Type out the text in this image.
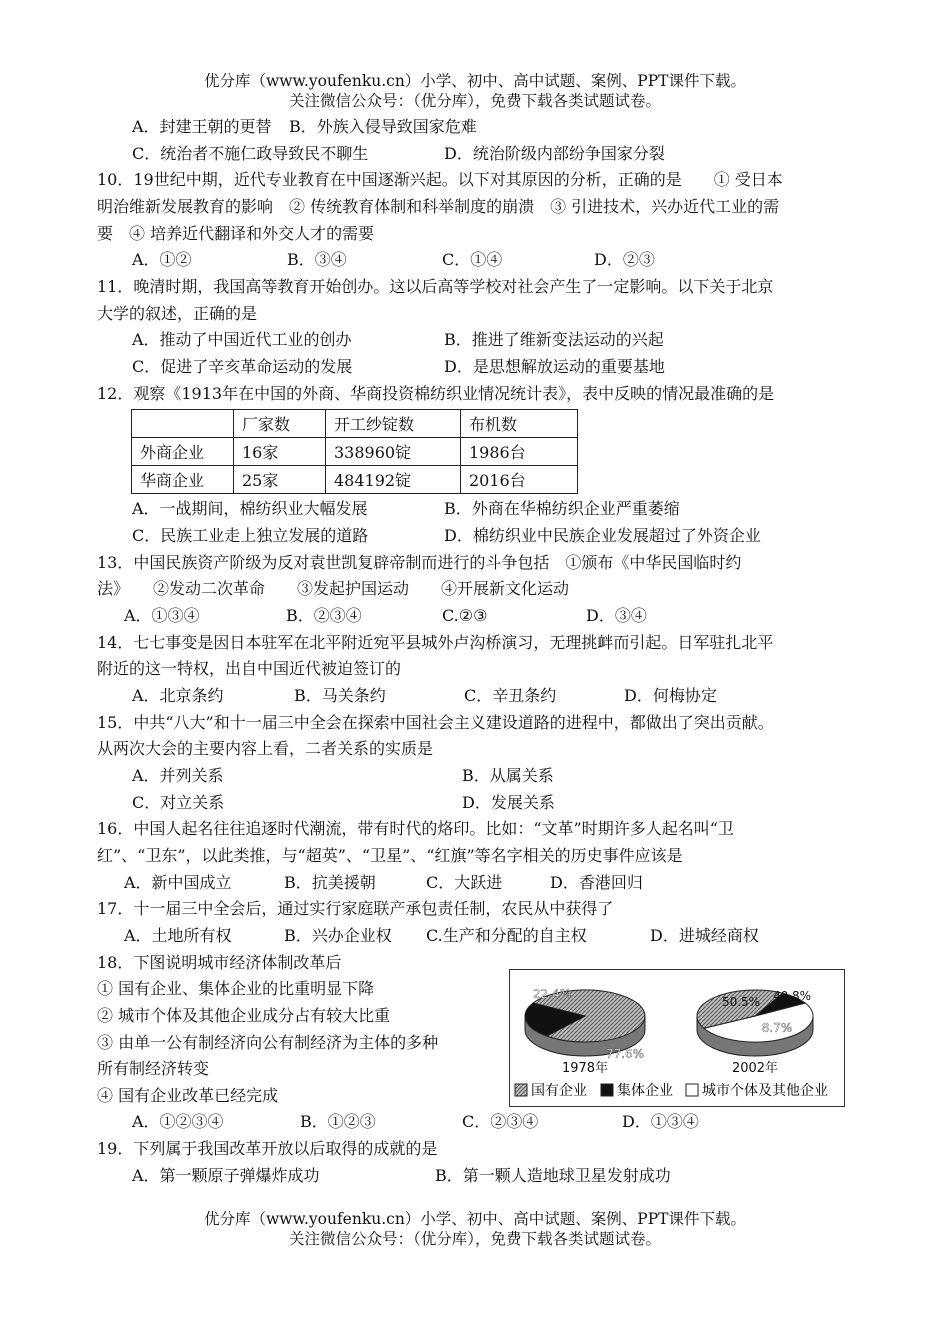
优分库（www.youfenku.cn）小学、初中、高中试题、案例、PPT课件下载。
关注微信公众号：（优分库），免费下载各类试题试卷。
A．封建王朝的更替 B．外族入侵导致国家危难
C．统治者不施仁政导致民不聊生	D．统治阶级内部纷争国家分裂
10．19世纪中期，近代专业教育在中国逐渐兴起。以下对其原因的分析，正确的是　　① 受日本
明治维新发展教育的影响　② 传统教育体制和科举制度的崩溃　③ 引进技术，兴办近代工业的需
要　④ 培养近代翻译和外交人才的需要
A．①②	B．③④	C．①④	D．②③
11．晚清时期，我国高等教育开始创办。这以后高等学校对社会产生了一定影响。以下关于北京
大学的叙述，正确的是
A．推动了中国近代工业的创办	B．推进了维新变法运动的兴起
C．促进了辛亥革命运动的发展	D．是思想解放运动的重要基地
12．观察《1913年在中国的外商、华商投资棉纺织业情况统计表》，表中反映的情况最准确的是
	厂家数	开工纱锭数	布机数
外商企业	16家	338960锭	1986台
华商企业	25家	484192锭	2016台
A．一战期间，棉纺织业大幅发展	B．外商在华棉纺织企业严重萎缩
C．民族工业走上独立发展的道路	D．棉纺织业中民族企业发展超过了外资企业
13．中国民族资产阶级为反对袁世凯复辟帝制而进行的斗争包括　①颁布《中华民国临时约
法》　　②发动二次革命　　③发起护国运动　　④开展新文化运动
A．①③④	B．②③④	C.②③	D．③④
14．七七事变是因日本驻军在北平附近宛平县城外卢沟桥演习，无理挑衅而引起。日军驻扎北平
附近的这一特权，出自中国近代被迫签订的
A．北京条约	B．马关条约	C．辛丑条约	D．何梅协定
15．中共“八大”和十一届三中全会在探索中国社会主义建设道路的进程中，都做出了突出贡献。
从两次大会的主要内容上看，二者关系的实质是
A．并列关系	B．从属关系
C．对立关系	D．发展关系
16．中国人起名往往追逐时代潮流，带有时代的烙印。比如：“文革”时期许多人起名叫“卫
红”、“卫东”，以此类推，与“超英”、“卫星”、“红旗”等名字相关的历史事件应该是
A．新中国成立	B．抗美援朝	C．大跃进	D．香港回归
17．十一届三中全会后，通过实行家庭联产承包责任制，农民从中获得了
A．土地所有权	B．兴办企业权 C.生产和分配的自主权	D．进城经商权
18．下图说明城市经济体制改革后
① 国有企业、集体企业的比重明显下降
② 城市个体及其他企业成分占有较大比重
③ 由单一公有制经济向公有制经济为主体的多种
所有制经济转变
④ 国有企业改革已经完成
77.6%
22.4%
1978年
50.5% 40.8%
8.7%
2002年
国有企业 集体企业 城市个体及其他企业
A．①②③④	B．①②③	C．②③④	D．①③④
19．下列属于我国改革开放以后取得的成就的是
A．第一颗原子弹爆炸成功	B．第一颗人造地球卫星发射成功
优分库（www.youfenku.cn）小学、初中、高中试题、案例、PPT课件下载。
关注微信公众号：（优分库），免费下载各类试题试卷。
